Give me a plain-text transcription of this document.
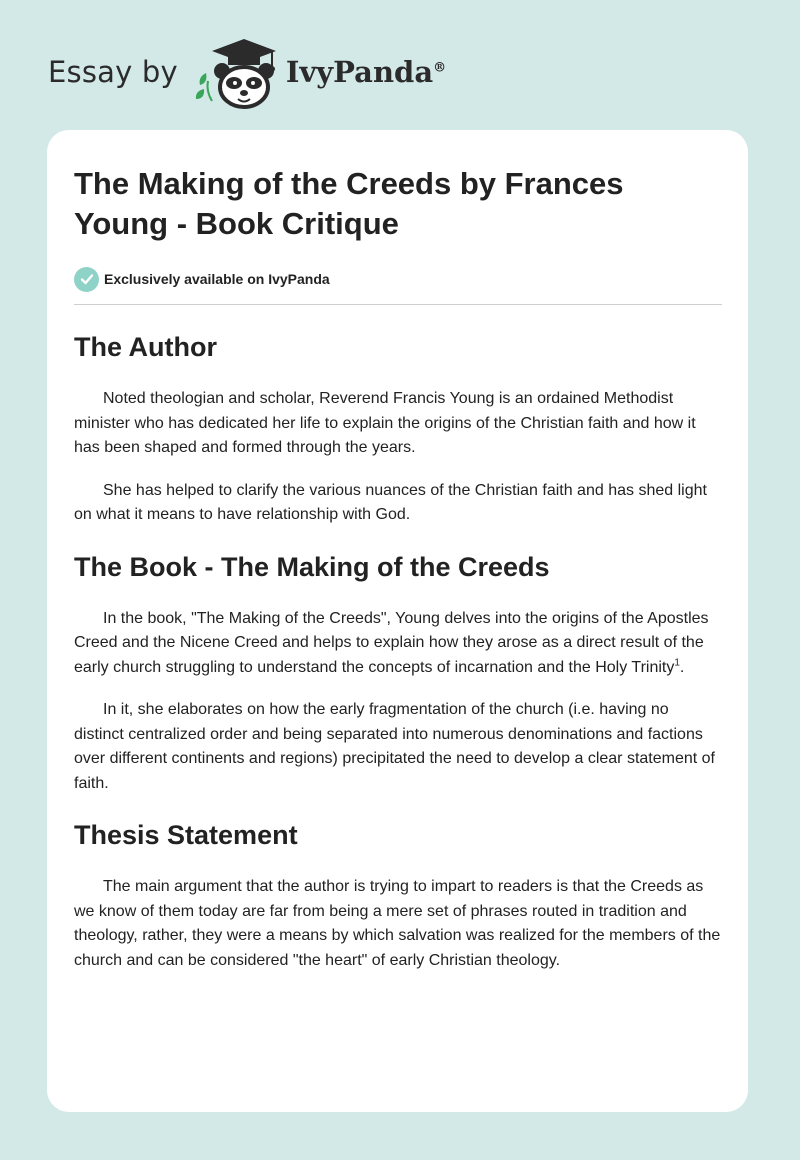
Essay by	IvyPanda®
The Making of the Creeds by Frances Young - Book Critique
Exclusively available on IvyPanda
The Author

Noted theologian and scholar, Reverend Francis Young is an ordained Methodist minister who has dedicated her life to explain the origins of the Christian faith and how it has been shaped and formed through the years.

She has helped to clarify the various nuances of the Christian faith and has shed light on what it means to have relationship with God.

The Book - The Making of the Creeds

In the book, "The Making of the Creeds", Young delves into the origins of the Apostles Creed and the Nicene Creed and helps to explain how they arose as a direct result of the early church struggling to understand the concepts of incarnation and the Holy Trinity$^1$.

In it, she elaborates on how the early fragmentation of the church (i.e. having no distinct centralized order and being separated into numerous denominations and factions over different continents and regions) precipitated the need to develop a clear statement of faith.

Thesis Statement

The main argument that the author is trying to impart to readers is that the Creeds as we know of them today are far from being a mere set of phrases routed in tradition and theology, rather, they were a means by which salvation was realized for the members of the church and can be considered "the heart" of early Christian theology.
